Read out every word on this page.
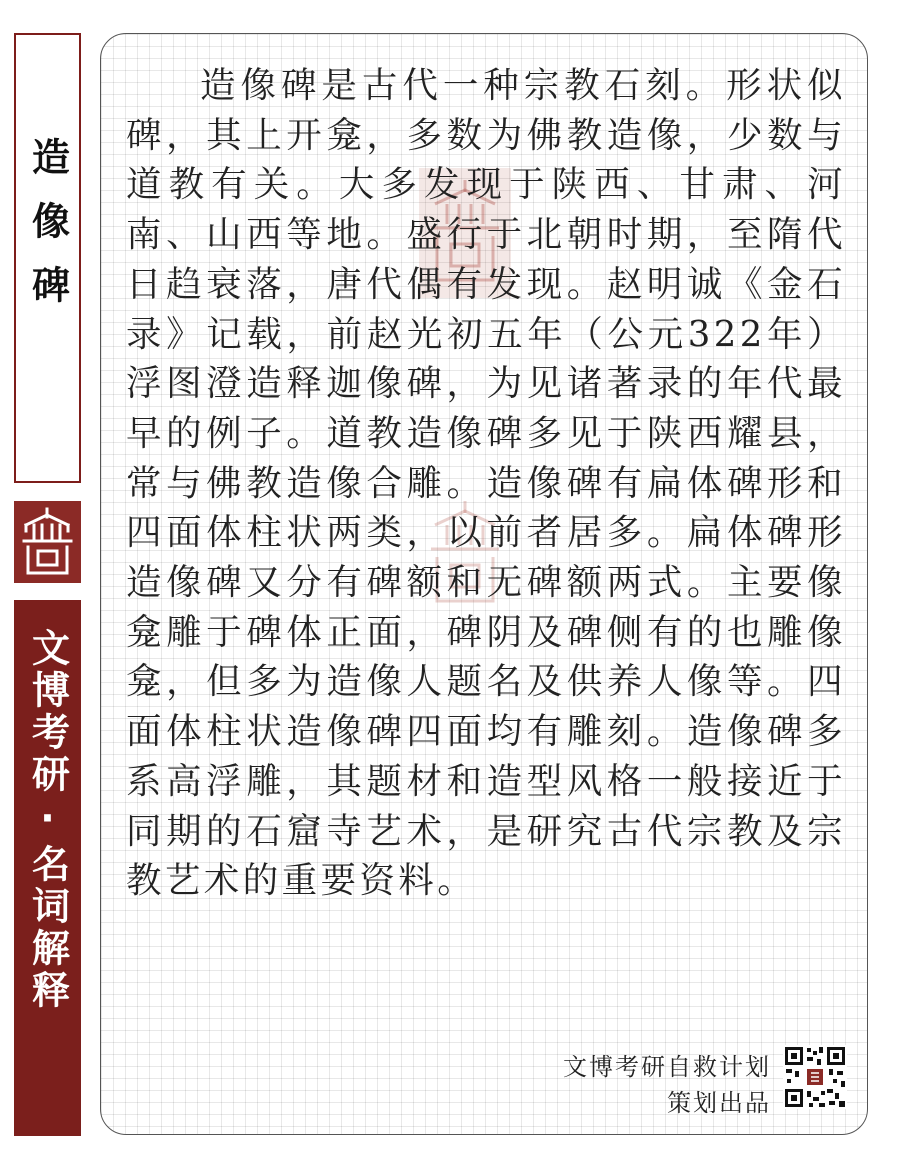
造像碑
文博考研·名词解释

造像碑是古代一种宗教石刻。形状似碑，其上开龛，多数为佛教造像，少数与道教有关。大多发现于陕西、甘肃、河南、山西等地。盛行于北朝时期，至隋代日趋衰落，唐代偶有发现。赵明诚《金石录》记载，前赵光初五年（公元322年）浮图澄造释迦像碑，为见诸著录的年代最早的例子。道教造像碑多见于陕西耀县，常与佛教造像合雕。造像碑有扁体碑形和四面体柱状两类，以前者居多。扁体碑形造像碑又分有碑额和无碑额两式。主要像龛雕于碑体正面，碑阴及碑侧有的也雕像龛，但多为造像人题名及供养人像等。四面体柱状造像碑四面均有雕刻。造像碑多系高浮雕，其题材和造型风格一般接近于同期的石窟寺艺术，是研究古代宗教及宗教艺术的重要资料。

文博考研自救计划
策划出品
